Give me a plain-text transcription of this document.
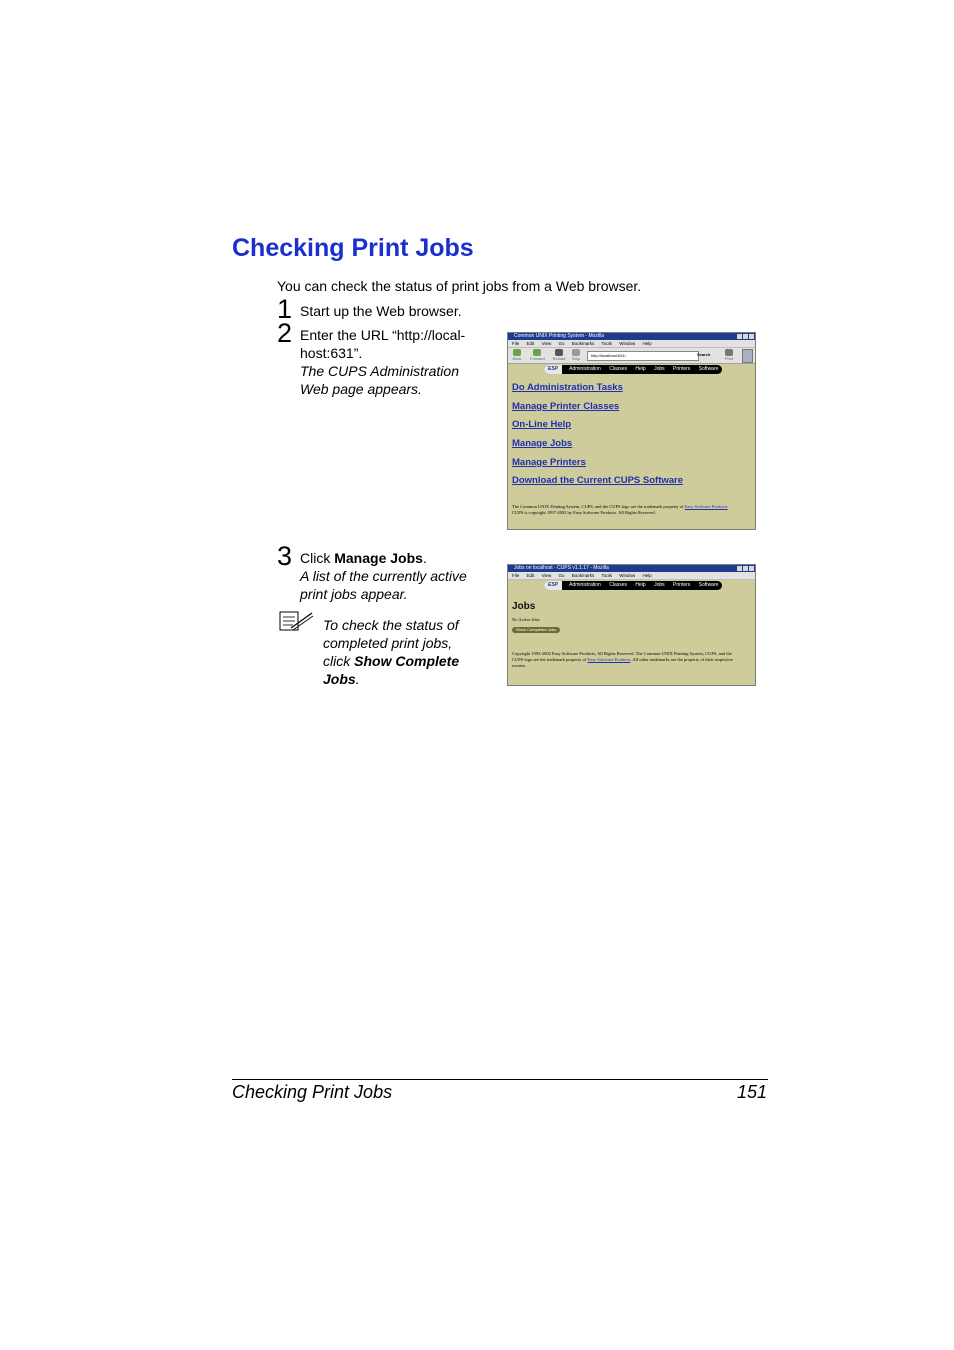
Checking Print Jobs
You can check the status of print jobs from a Web browser.
1 Start up the Web browser.
2 Enter the URL “http://local-
host:631”.
The CUPS Administration
Web page appears.
Common UNIX Printing System - Mozilla
File Edit View Go Bookmarks Tools Window Help
Back	Forward Reload	Stop
http://localhost:631/	Search
Print
ESP Administration Classes Help Jobs Printers Software
Do Administration Tasks
Manage Printer Classes
On-Line Help
Manage Jobs
Manage Printers
Download the Current CUPS Software
The Common UNIX Printing System, CUPS, and the CUPS logo are the trademark property of Easy Software Products.
CUPS is copyright 1997-2002 by Easy Software Products. All Rights Reserved.
3 Click Manage Jobs.
A list of the currently active
print jobs appear.
To check the status of
completed print jobs,
click Show Complete
Jobs.
Jobs on localhost - CUPS v1.1.17 - Mozilla
File Edit View Go Bookmarks Tools Window Help
ESP Administration Classes Help Jobs Printers Software
Jobs
No Active Jobs
Show Completed Jobs
Copyright 1993-2002 Easy Software Products, All Rights Reserved. The Common UNIX Printing System, CUPS, and the
CUPS logo are the trademark property of Easy Software Products. All other trademarks are the property of their respective
owners.
Checking Print Jobs	151
